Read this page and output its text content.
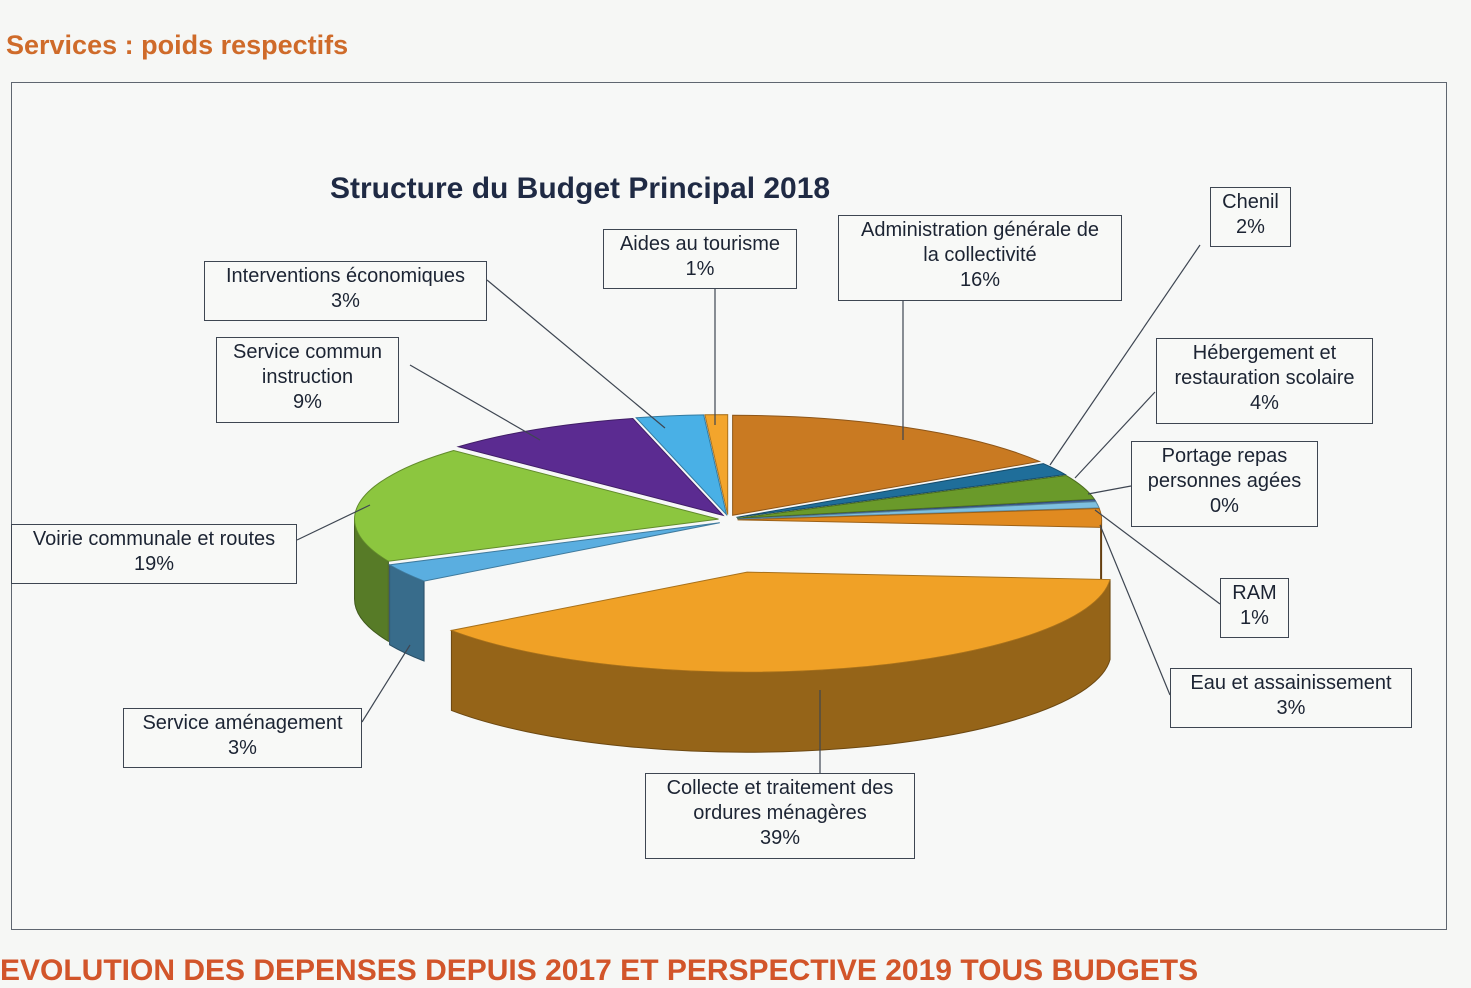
Services : poids respectifs
Structure du Budget Principal 2018
Administration générale de
la collectivité
16%
Chenil
2%
Hébergement et
restauration scolaire
4%
Portage repas
personnes agées
0%
RAM
1%
Eau et assainissement
3%
Collecte et traitement des
ordures ménagères
39%
Service aménagement
3%
Voirie communale et routes
19%
Service commun
instruction
9%
Interventions économiques
3%
Aides au tourisme
1%
EVOLUTION DES DEPENSES DEPUIS 2017 ET PERSPECTIVE 2019 TOUS BUDGETS
